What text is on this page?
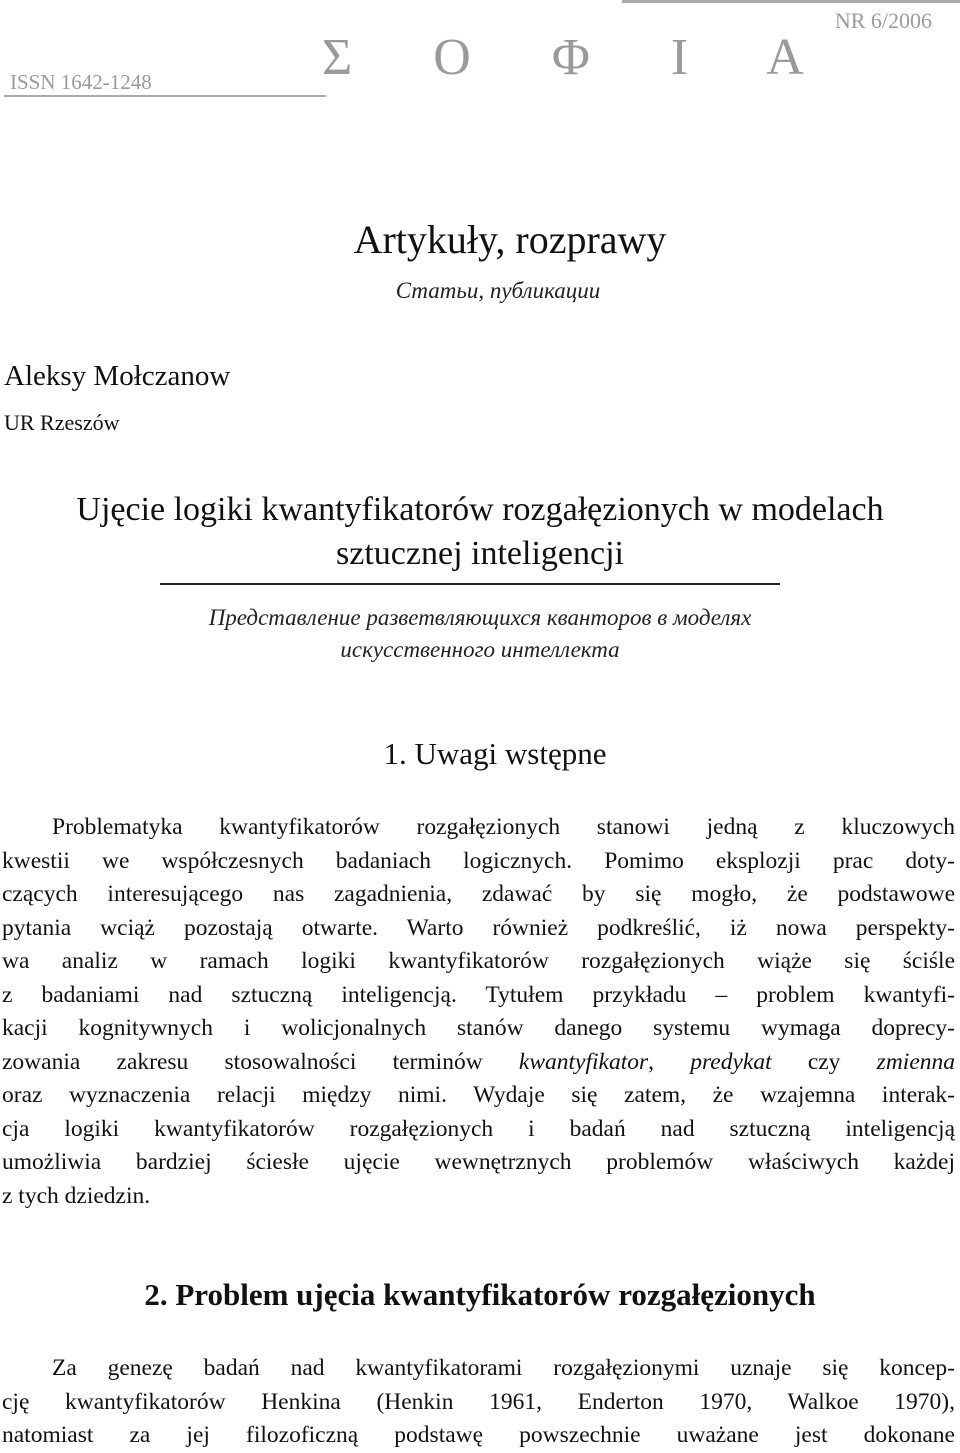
ISSN 1642-1248	Σ Ο Φ Ι Α
NR 6/2006
Artykuły, rozprawy
Статьи, публикации
Aleksy Mołczanow
UR Rzeszów
Ujęcie logiki kwantyfikatorów rozgałęzionych w modelach
sztucznej inteligencji
Представление разветвляющихся кванторов в моделях
искусственного интеллекта
1. Uwagi wstępne
Problematyka kwantyfikatorów rozgałęzionych stanowi jedną z kluczowych
kwestii we współczesnych badaniach logicznych. Pomimo eksplozji prac doty-
czących interesującego nas zagadnienia, zdawać by się mogło, że podstawowe
pytania wciąż pozostają otwarte. Warto również podkreślić, iż nowa perspekty-
wa analiz w ramach logiki kwantyfikatorów rozgałęzionych wiąże się ściśle
z badaniami nad sztuczną inteligencją. Tytułem przykładu – problem kwantyfi-
kacji kognitywnych i wolicjonalnych stanów danego systemu wymaga doprecy-
zowania zakresu stosowalności terminów kwantyfikator, predykat czy zmienna
oraz wyznaczenia relacji między nimi. Wydaje się zatem, że wzajemna interak-
cja logiki kwantyfikatorów rozgałęzionych i badań nad sztuczną inteligencją
umożliwia bardziej ściesłe ujęcie wewnętrznych problemów właściwych każdej
z tych dziedzin.
2. Problem ujęcia kwantyfikatorów rozgałęzionych
Za genezę badań nad kwantyfikatorami rozgałęzionymi uznaje się koncep-
cję kwantyfikatorów Henkina (Henkin 1961, Enderton 1970, Walkoe 1970),
natomiast za jej filozoficzną podstawę powszechnie uważane jest dokonane
